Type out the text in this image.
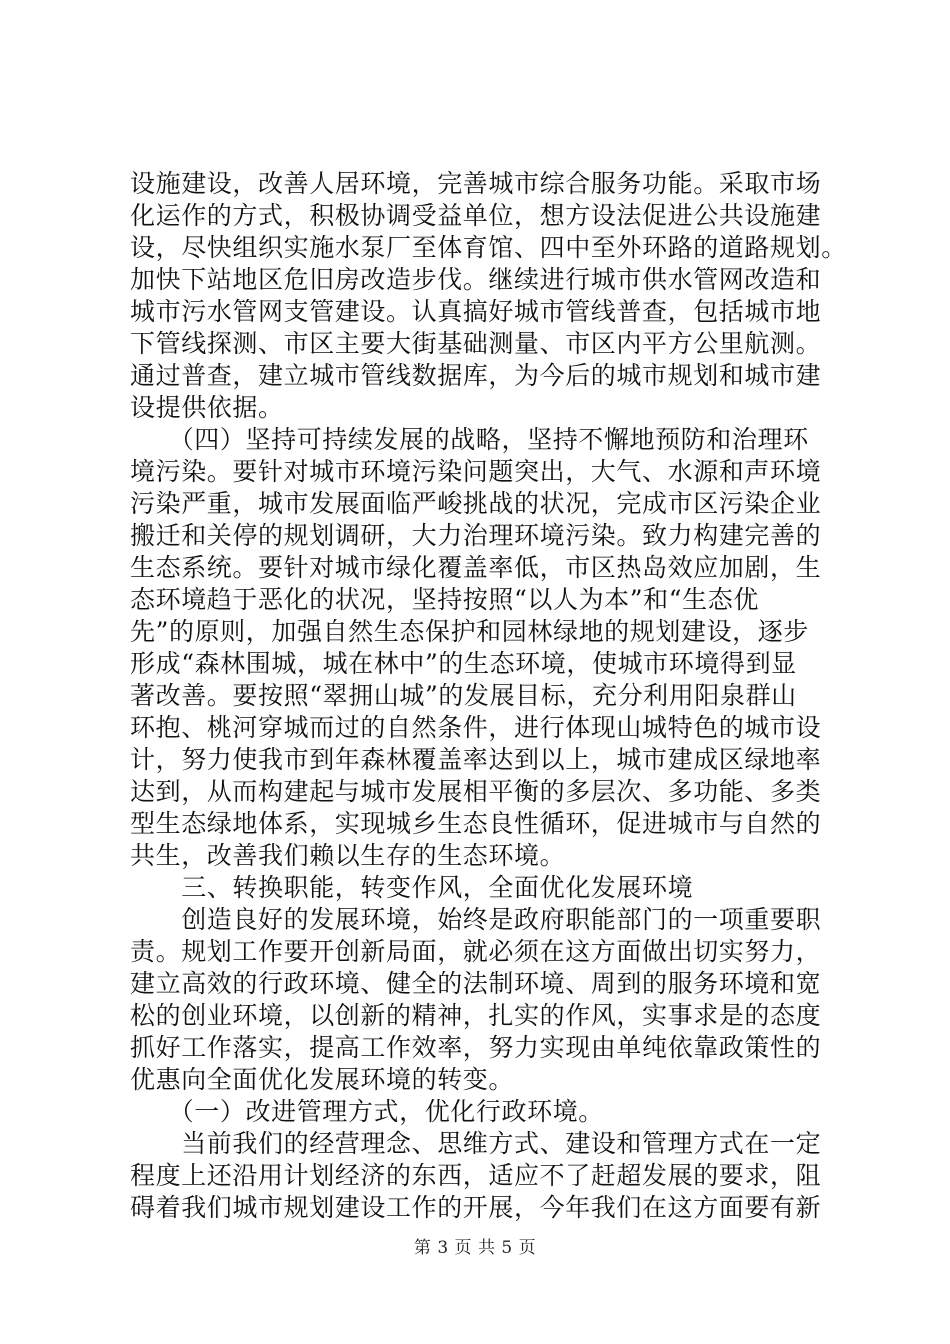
设施建设，改善人居环境，完善城市综合服务功能。采取市场
化运作的方式，积极协调受益单位，想方设法促进公共设施建
设，尽快组织实施水泵厂至体育馆、四中至外环路的道路规划。
加快下站地区危旧房改造步伐。继续进行城市供水管网改造和
城市污水管网支管建设。认真搞好城市管线普查，包括城市地
下管线探测、市区主要大街基础测量、市区内平方公里航测。
通过普查，建立城市管线数据库，为今后的城市规划和城市建
设提供依据。
　　（四）坚持可持续发展的战略，坚持不懈地预防和治理环
境污染。要针对城市环境污染问题突出，大气、水源和声环境
污染严重，城市发展面临严峻挑战的状况，完成市区污染企业
搬迁和关停的规划调研，大力治理环境污染。致力构建完善的
生态系统。要针对城市绿化覆盖率低，市区热岛效应加剧，生
态环境趋于恶化的状况，坚持按照“以人为本”和“生态优
先”的原则，加强自然生态保护和园林绿地的规划建设，逐步
形成“森林围城，城在林中”的生态环境，使城市环境得到显
著改善。要按照“翠拥山城”的发展目标，充分利用阳泉群山
环抱、桃河穿城而过的自然条件，进行体现山城特色的城市设
计，努力使我市到年森林覆盖率达到以上，城市建成区绿地率
达到，从而构建起与城市发展相平衡的多层次、多功能、多类
型生态绿地体系，实现城乡生态良性循环，促进城市与自然的
共生，改善我们赖以生存的生态环境。
　　三、转换职能，转变作风，全面优化发展环境
　　创造良好的发展环境，始终是政府职能部门的一项重要职
责。规划工作要开创新局面，就必须在这方面做出切实努力，
建立高效的行政环境、健全的法制环境、周到的服务环境和宽
松的创业环境，以创新的精神，扎实的作风，实事求是的态度
抓好工作落实，提高工作效率，努力实现由单纯依靠政策性的
优惠向全面优化发展环境的转变。
　　（一）改进管理方式，优化行政环境。
　　当前我们的经营理念、思维方式、建设和管理方式在一定
程度上还沿用计划经济的东西，适应不了赶超发展的要求，阻
碍着我们城市规划建设工作的开展，今年我们在这方面要有新
第 3 页 共 5 页
